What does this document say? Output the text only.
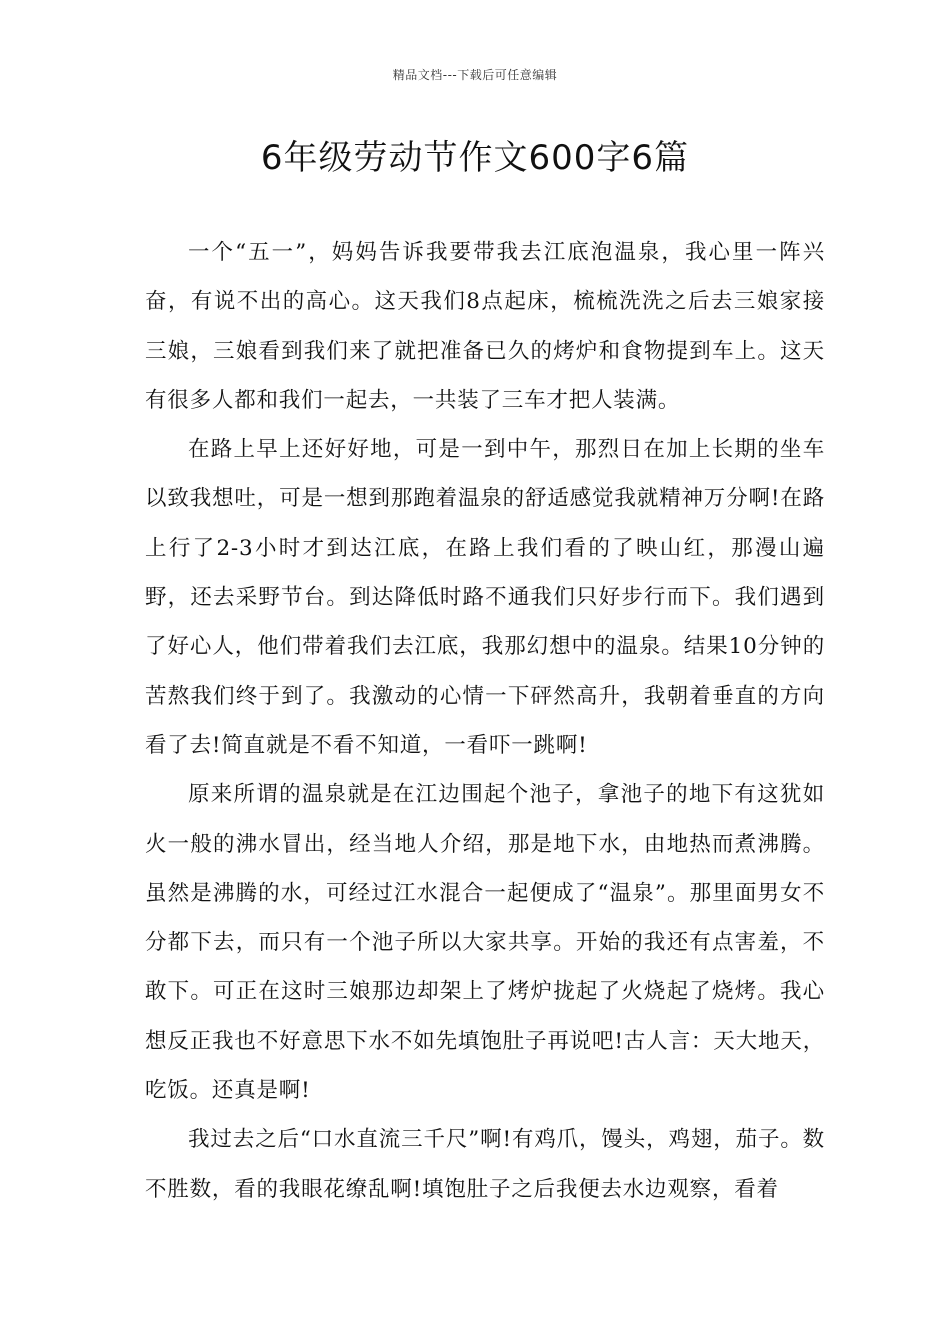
精品文档---下载后可任意编辑
6年级劳动节作文600字6篇

一个“五一”，妈妈告诉我要带我去江底泡温泉，我心里一阵兴奋，有说不出的高心。这天我们8点起床，梳梳洗洗之后去三娘家接三娘，三娘看到我们来了就把准备已久的烤炉和食物提到车上。这天有很多人都和我们一起去，一共装了三车才把人装满。

在路上早上还好好地，可是一到中午，那烈日在加上长期的坐车以致我想吐，可是一想到那跑着温泉的舒适感觉我就精神万分啊!在路上行了2-3小时才到达江底，在路上我们看的了映山红，那漫山遍野，还去采野节台。到达降低时路不通我们只好步行而下。我们遇到了好心人，他们带着我们去江底，我那幻想中的温泉。结果10分钟的苦熬我们终于到了。我激动的心情一下砰然高升，我朝着垂直的方向看了去!简直就是不看不知道，一看吓一跳啊!

原来所谓的温泉就是在江边围起个池子，拿池子的地下有这犹如火一般的沸水冒出，经当地人介绍，那是地下水，由地热而煮沸腾。虽然是沸腾的水，可经过江水混合一起便成了“温泉”。那里面男女不分都下去，而只有一个池子所以大家共享。开始的我还有点害羞，不敢下。可正在这时三娘那边却架上了烤炉拢起了火烧起了烧烤。我心想反正我也不好意思下水不如先填饱肚子再说吧!古人言：天大地天，吃饭。还真是啊!

我过去之后“口水直流三千尺”啊!有鸡爪，馒头，鸡翅，茄子。数不胜数，看的我眼花缭乱啊!填饱肚子之后我便去水边观察，看着
